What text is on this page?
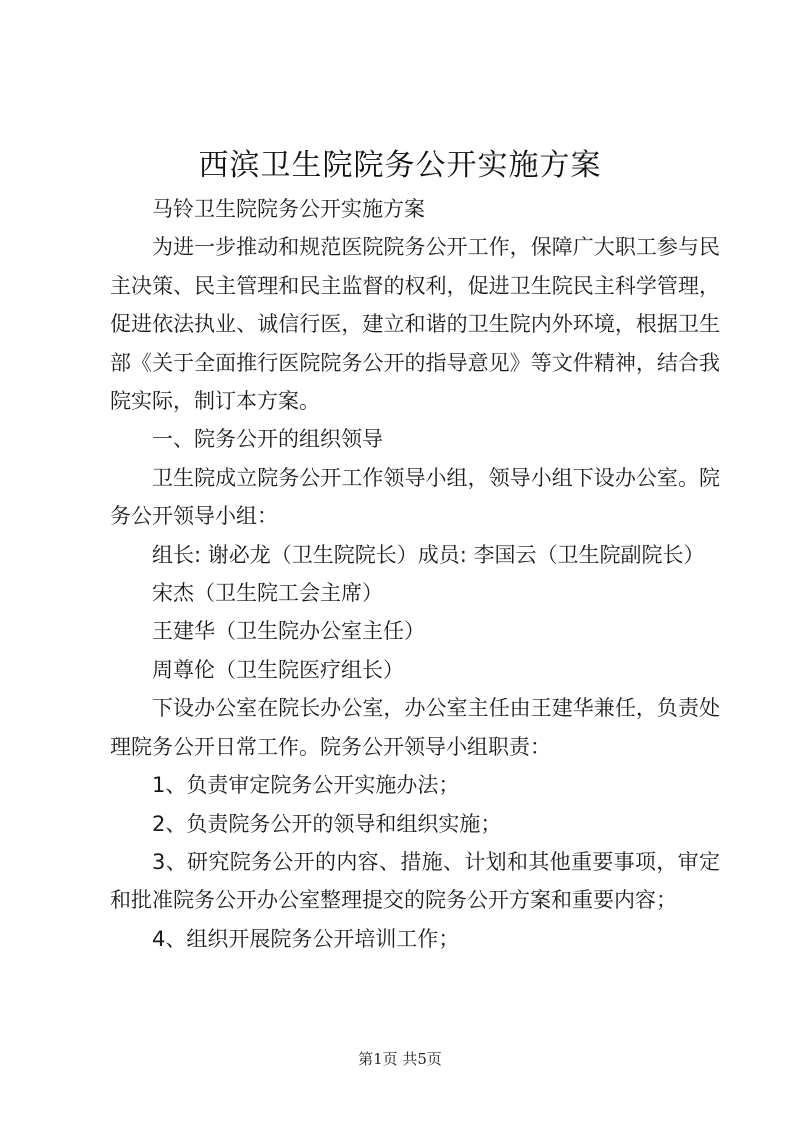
西滨卫生院院务公开实施方案

马铃卫生院院务公开实施方案

为进一步推动和规范医院院务公开工作，保障广大职工参与民主决策、民主管理和民主监督的权利，促进卫生院民主科学管理，促进依法执业、诚信行医，建立和谐的卫生院内外环境，根据卫生部《关于全面推行医院院务公开的指导意见》等文件精神，结合我院实际，制订本方案。

一、院务公开的组织领导

卫生院成立院务公开工作领导小组，领导小组下设办公室。院务公开领导小组：

组长: 谢必龙（卫生院院长）成员: 李国云（卫生院副院长）

宋杰（卫生院工会主席）

王建华（卫生院办公室主任）

周尊伦（卫生院医疗组长）

下设办公室在院长办公室，办公室主任由王建华兼任，负责处理院务公开日常工作。院务公开领导小组职责：

1、负责审定院务公开实施办法；

2、负责院务公开的领导和组织实施；

3、研究院务公开的内容、措施、计划和其他重要事项，审定和批准院务公开办公室整理提交的院务公开方案和重要内容；

4、组织开展院务公开培训工作；

第1页 共5页
